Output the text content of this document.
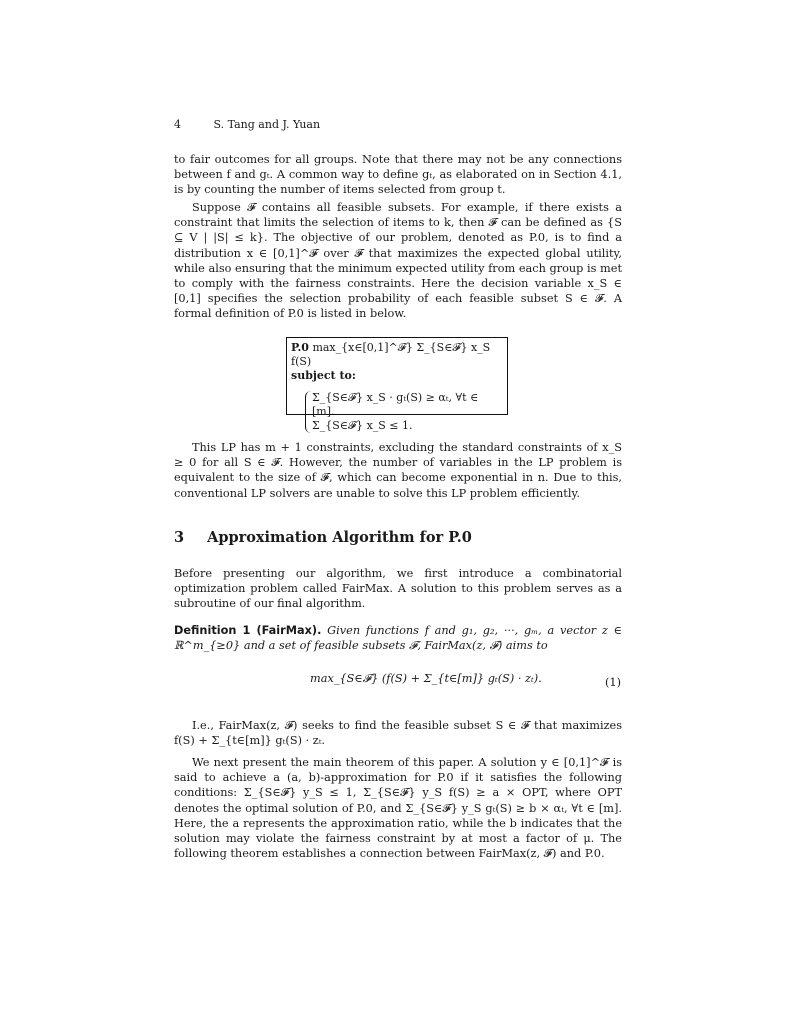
4	S. Tang and J. Yuan

to fair outcomes for all groups. Note that there may not be any connections between f and gₜ. A common way to define gₜ, as elaborated on in Section 4.1, is by counting the number of items selected from group t.

Suppose 𝓕 contains all feasible subsets. For example, if there exists a constraint that limits the selection of items to k, then 𝓕 can be defined as {S ⊆ V | |S| ≤ k}. The objective of our problem, denoted as P.0, is to find a distribution x ∈ [0,1]^𝓕 over 𝓕 that maximizes the expected global utility, while also ensuring that the minimum expected utility from each group is met to comply with the fairness constraints. Here the decision variable x_S ∈ [0,1] specifies the selection probability of each feasible subset S ∈ 𝓕. A formal definition of P.0 is listed in below.

P.0 max_{x∈[0,1]^𝓕} Σ_{S∈𝓕} x_S f(S)
subject to:
Σ_{S∈𝓕} x_S · gₜ(S) ≥ αₜ, ∀t ∈ [m].
Σ_{S∈𝓕} x_S ≤ 1.

This LP has m + 1 constraints, excluding the standard constraints of x_S ≥ 0 for all S ∈ 𝓕. However, the number of variables in the LP problem is equivalent to the size of 𝓕, which can become exponential in n. Due to this, conventional LP solvers are unable to solve this LP problem efficiently.

3 Approximation Algorithm for P.0

Before presenting our algorithm, we first introduce a combinatorial optimization problem called FairMax. A solution to this problem serves as a subroutine of our final algorithm.

Definition 1 (FairMax). Given functions f and g₁, g₂, ···, gₘ, a vector z ∈ ℝ^m_{≥0} and a set of feasible subsets 𝓕, FairMax(z, 𝓕) aims to

max_{S∈𝓕} (f(S) + Σ_{t∈[m]} gₜ(S) · zₜ).	(1)

I.e., FairMax(z, 𝓕) seeks to find the feasible subset S ∈ 𝓕 that maximizes f(S) + Σ_{t∈[m]} gₜ(S) · zₜ.

We next present the main theorem of this paper. A solution y ∈ [0,1]^𝓕 is said to achieve a (a, b)-approximation for P.0 if it satisfies the following conditions: Σ_{S∈𝓕} y_S ≤ 1, Σ_{S∈𝓕} y_S f(S) ≥ a × OPT, where OPT denotes the optimal solution of P.0, and Σ_{S∈𝓕} y_S gₜ(S) ≥ b × αₜ, ∀t ∈ [m]. Here, the a represents the approximation ratio, while the b indicates that the solution may violate the fairness constraint by at most a factor of μ. The following theorem establishes a connection between FairMax(z, 𝓕) and P.0.
